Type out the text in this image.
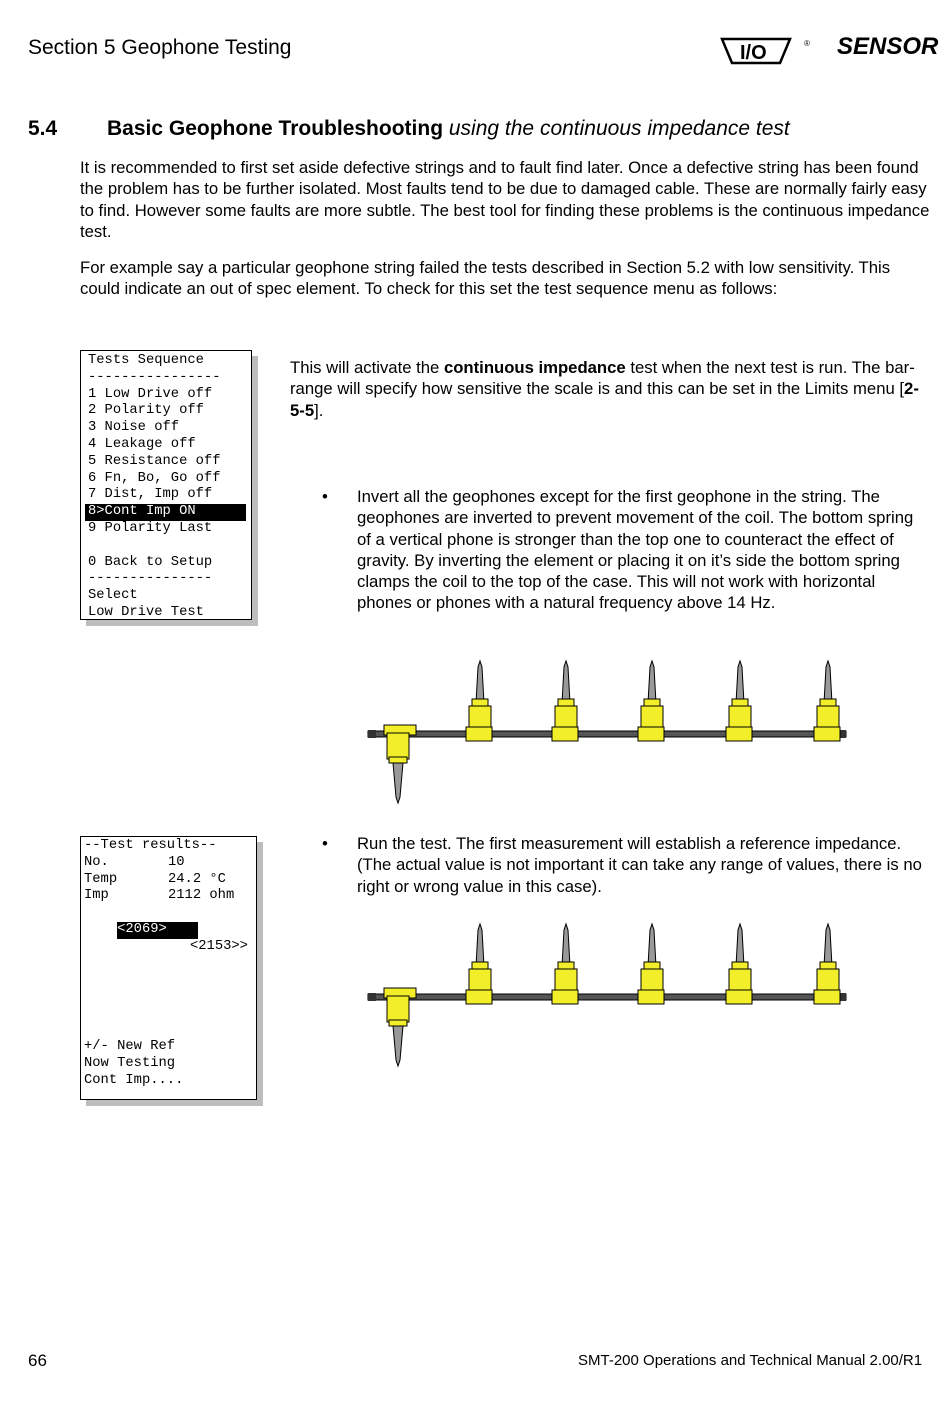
Section 5 Geophone Testing	I/O	® SENSOR
5.4 Basic Geophone Troubleshooting using the continuous impedance test
It is recommended to first set aside defective strings and to fault find later. Once a defective string has been found the problem has to be further isolated. Most faults tend to be due to damaged cable. These are normally fairly easy to find. However some faults are more subtle. The best tool for finding these problems is the continuous impedance test.
For example say a particular geophone string failed the tests described in Section 5.2 with low sensitivity. This could indicate an out of spec element. To check for this set the test sequence menu as follows:
Tests Sequence
----------------
1 Low Drive off
2 Polarity off
3 Noise off
4 Leakage off
5 Resistance off
6 Fn, Bo, Go off
7 Dist, Imp off
8>Cont Imp ON
9 Polarity Last
0 Back to Setup
---------------
Select
Low Drive Test
This will activate the continuous impedance test when the next test is run. The bar-range will specify how sensitive the scale is and this can be set in the Limits menu [2-5-5].
• Invert all the geophones except for the first geophone in the string. The geophones are inverted to prevent movement of the coil. The bottom spring of a vertical phone is stronger than the top one to counteract the effect of gravity. By inverting the element or placing it on it’s side the bottom spring clamps the coil to the top of the case. This will not work with horizontal phones or phones with a natural frequency above 14 Hz.
--Test results--
No.	10
Temp	24.2 °C
Imp	2112 ohm

<2069>

<2153>>

+/- New Ref
Now Testing
Cont Imp....
• Run the test. The first measurement will establish a reference impedance. (The actual value is not important it can take any range of values, there is no right or wrong value in this case).
66	SMT-200 Operations and Technical Manual 2.00/R1
